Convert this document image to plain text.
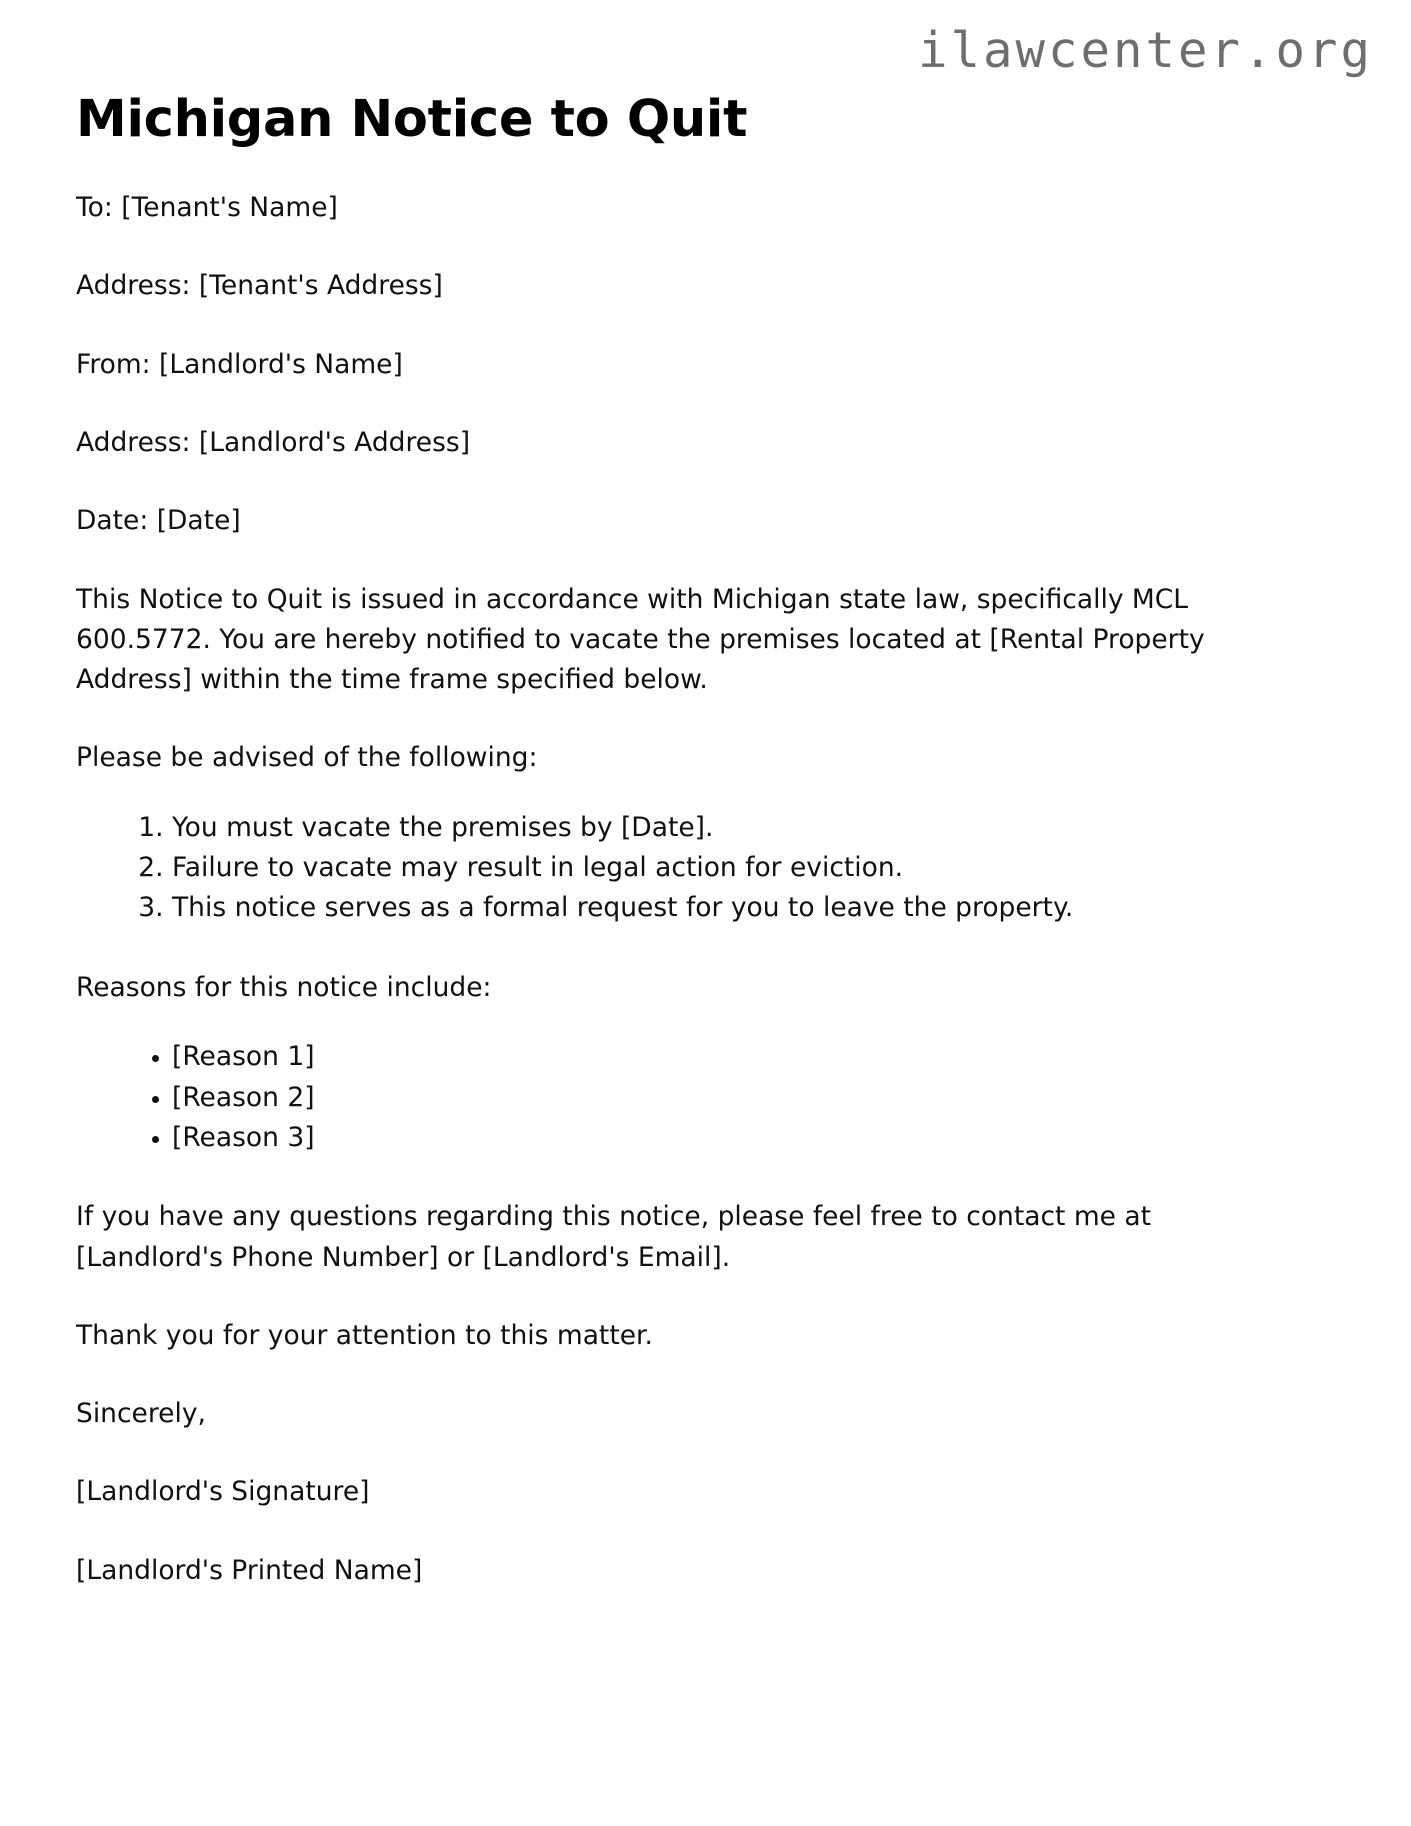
ilawcenter.org
Michigan Notice to Quit

To: [Tenant's Name]

Address: [Tenant's Address]

From: [Landlord's Name]

Address: [Landlord's Address]

Date: [Date]

This Notice to Quit is issued in accordance with Michigan state law, specifically MCL 600.5772. You are hereby notified to vacate the premises located at [Rental Property Address] within the time frame specified below.

Please be advised of the following:

1. You must vacate the premises by [Date].
2. Failure to vacate may result in legal action for eviction.
3. This notice serves as a formal request for you to leave the property.

Reasons for this notice include:

• [Reason 1]
• [Reason 2]
• [Reason 3]

If you have any questions regarding this notice, please feel free to contact me at [Landlord's Phone Number] or [Landlord's Email].

Thank you for your attention to this matter.

Sincerely,

[Landlord's Signature]

[Landlord's Printed Name]
